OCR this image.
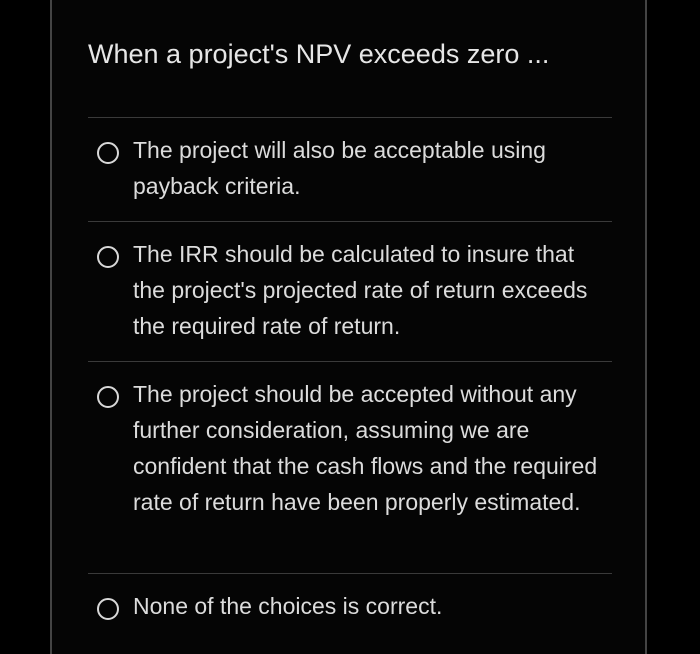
When a project's NPV exceeds zero ...
The project will also be acceptable using payback criteria.
The IRR should be calculated to insure that the project's projected rate of return exceeds the required rate of return.
The project should be accepted without any further consideration, assuming we are confident that the cash flows and the required rate of return have been properly estimated.
None of the choices is correct.
